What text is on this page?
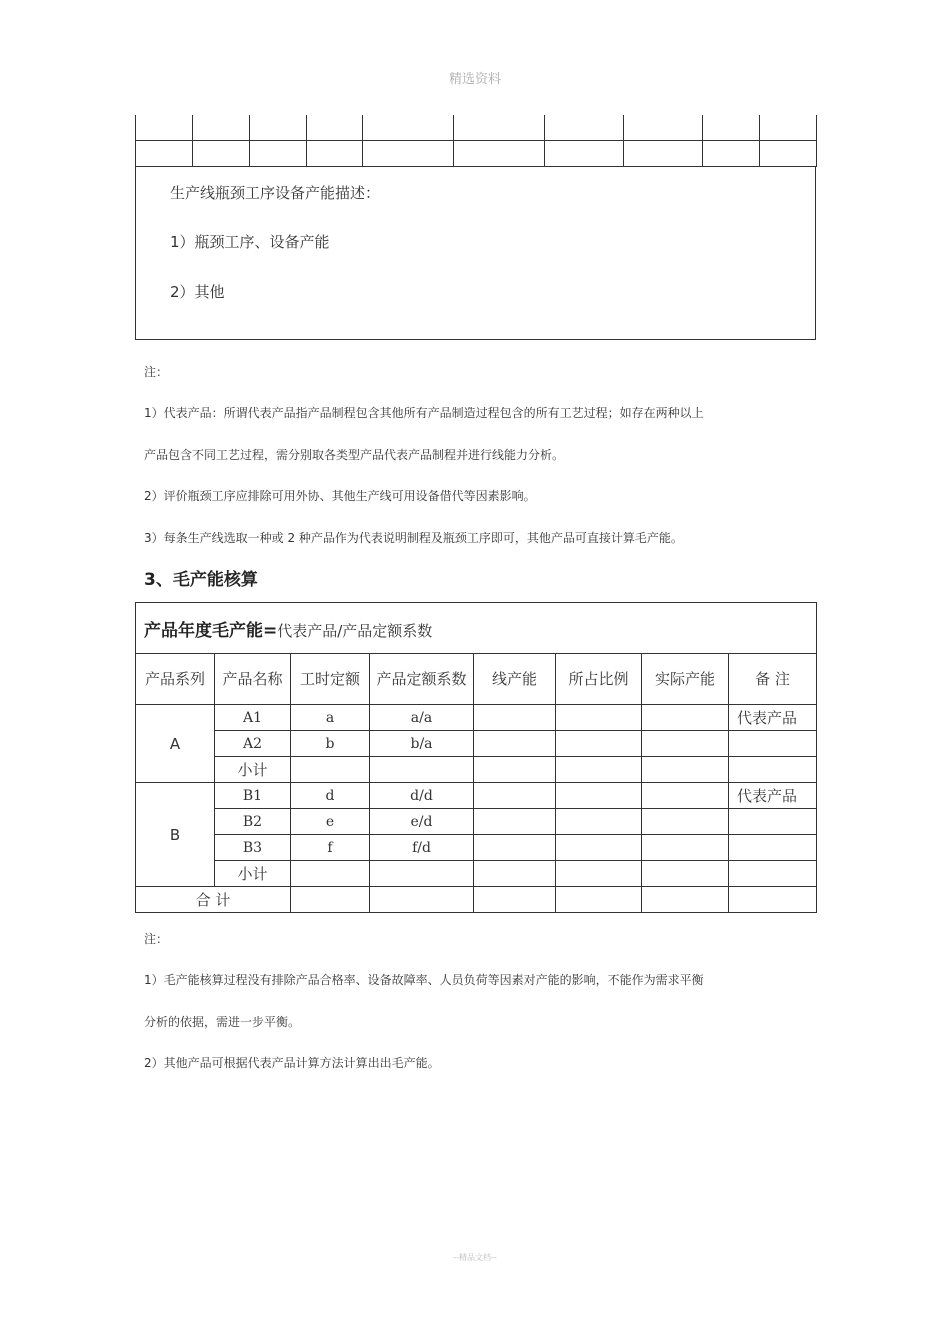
精选资料

生产线瓶颈工序设备产能描述：
1）瓶颈工序、设备产能
2）其他
注：
1）代表产品：所谓代表产品指产品制程包含其他所有产品制造过程包含的所有工艺过程；如存在两种以上
产品包含不同工艺过程，需分别取各类型产品代表产品制程并进行线能力分析。
2）评价瓶颈工序应排除可用外协、其他生产线可用设备借代等因素影响。
3）每条生产线选取一种或 2 种产品作为代表说明制程及瓶颈工序即可，其他产品可直接计算毛产能。
3、毛产能核算
产品年度毛产能=代表产品/产品定额系数							
产品系列	产品名称	工时定额	产品定额系数	线产能	所占比例	实际产能	备 注
A	A1	a	a/a				代表产品
	A2	b	b/a				
	小计						
B	B1	d	d/d				代表产品
	B2	e	e/d				
	B3	f	f/d				
	小计						
合 计							
注：
1）毛产能核算过程没有排除产品合格率、设备故障率、人员负荷等因素对产能的影响，不能作为需求平衡
分析的依据，需进一步平衡。
2）其他产品可根据代表产品计算方法计算出出毛产能。
--精品文档--
